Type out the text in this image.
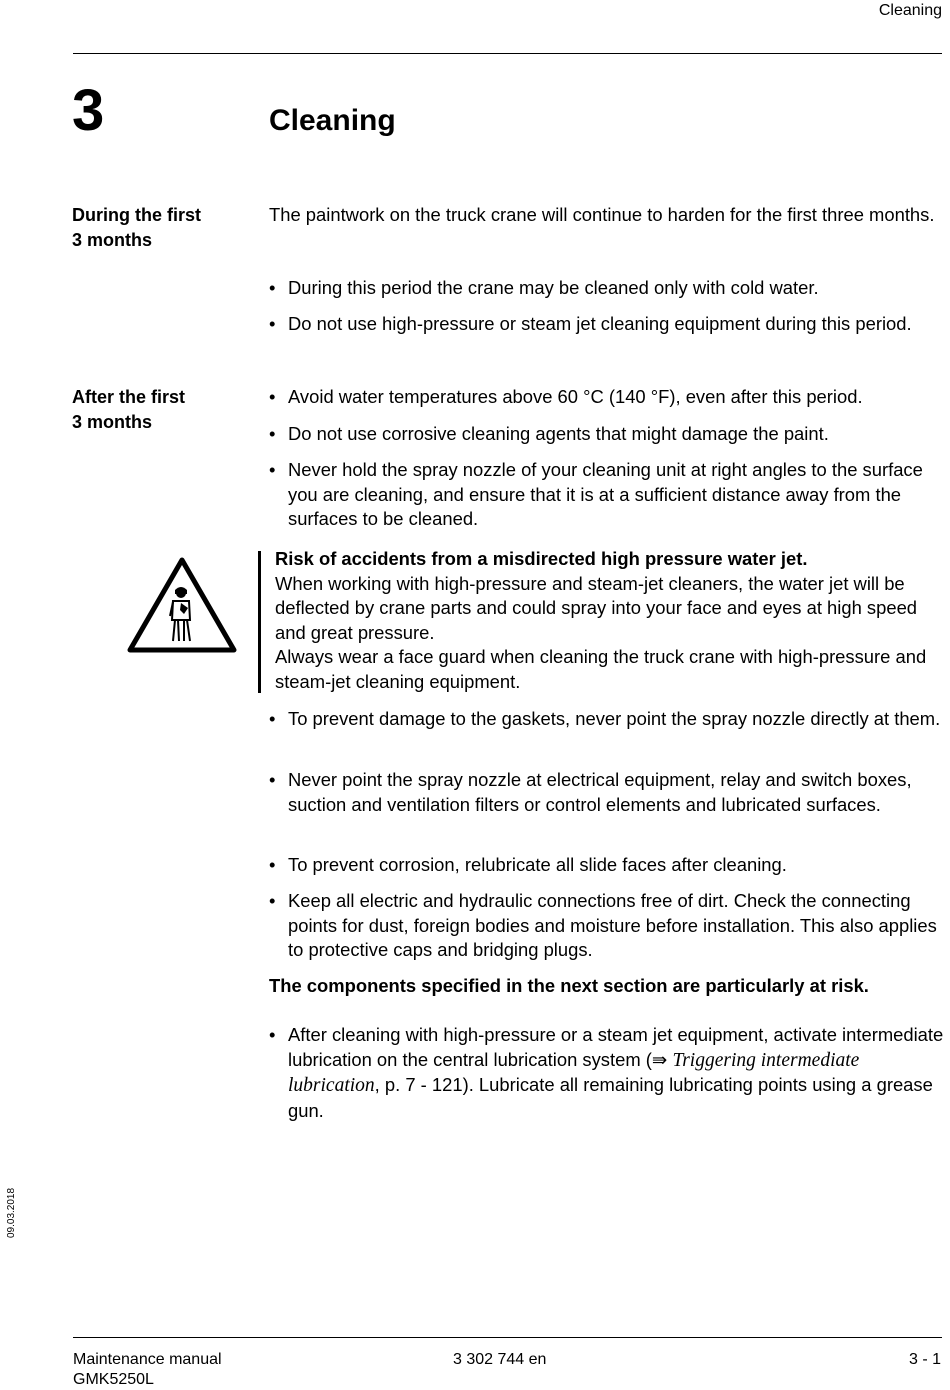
Cleaning
3	Cleaning
During the first
3 months
The paintwork on the truck crane will continue to harden for the first three months.
• During this period the crane may be cleaned only with cold water.
• Do not use high-pressure or steam jet cleaning equipment during this period.
After the first
3 months
• Avoid water temperatures above 60 °C (140 °F), even after this period.
• Do not use corrosive cleaning agents that might damage the paint.
• Never hold the spray nozzle of your cleaning unit at right angles to the surface you are cleaning, and ensure that it is at a sufficient distance away from the surfaces to be cleaned.
Risk of accidents from a misdirected high pressure water jet.
When working with high-pressure and steam-jet cleaners, the water jet will be deflected by crane parts and could spray into your face and eyes at high speed and great pressure.
Always wear a face guard when cleaning the truck crane with high-pressure and steam-jet cleaning equipment.
• To prevent damage to the gaskets, never point the spray nozzle directly at them.
• Never point the spray nozzle at electrical equipment, relay and switch boxes, suction and ventilation filters or control elements and lubricated surfaces.
• To prevent corrosion, relubricate all slide faces after cleaning.
• Keep all electric and hydraulic connections free of dirt. Check the connecting points for dust, foreign bodies and moisture before installation. This also applies to protective caps and bridging plugs.
The components specified in the next section are particularly at risk.
• After cleaning with high-pressure or a steam jet equipment, activate intermediate lubrication on the central lubrication system (⇛ Triggering intermediate lubrication, p. 7 - 121). Lubricate all remaining lubricating points using a grease gun.
09.03.2018
Maintenance manual
GMK5250L
3 302 744 en	3 - 1
